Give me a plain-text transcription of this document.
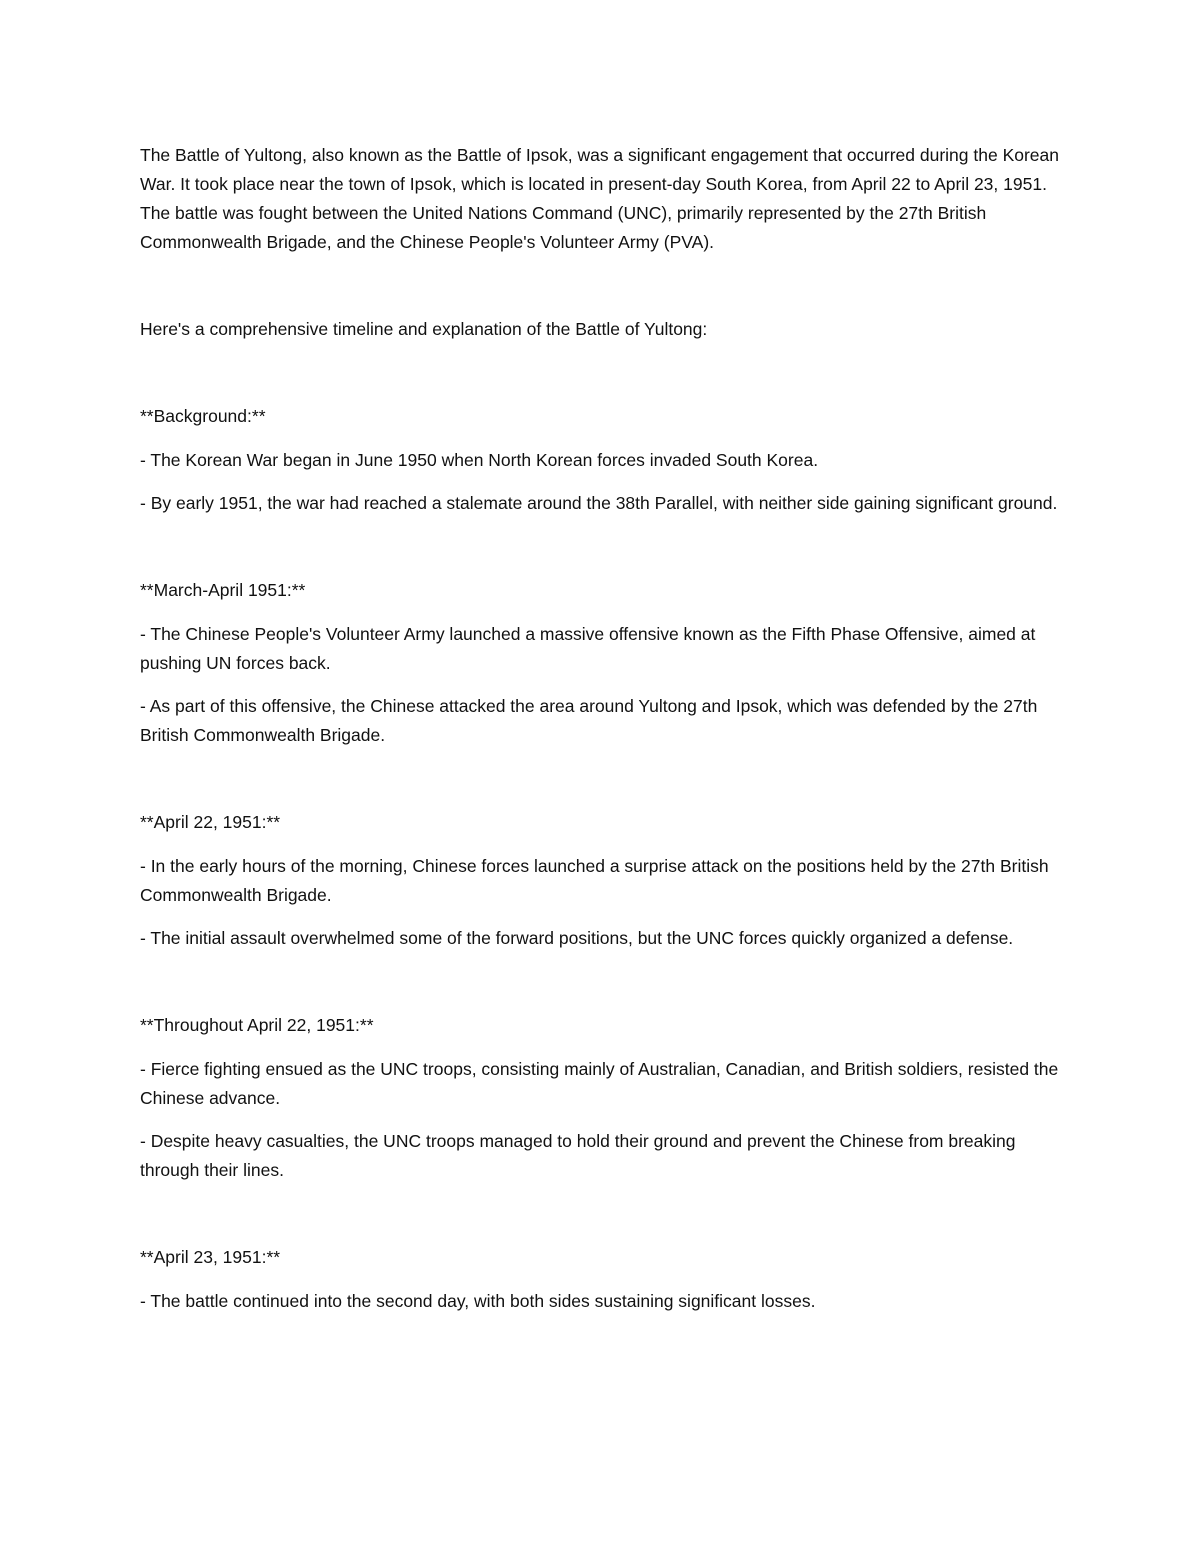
The Battle of Yultong, also known as the Battle of Ipsok, was a significant engagement that occurred during the Korean War. It took place near the town of Ipsok, which is located in present-day South Korea, from April 22 to April 23, 1951. The battle was fought between the United Nations Command (UNC), primarily represented by the 27th British Commonwealth Brigade, and the Chinese People's Volunteer Army (PVA).

Here's a comprehensive timeline and explanation of the Battle of Yultong:

**Background:**

- The Korean War began in June 1950 when North Korean forces invaded South Korea.

- By early 1951, the war had reached a stalemate around the 38th Parallel, with neither side gaining significant ground.

**March-April 1951:**

- The Chinese People's Volunteer Army launched a massive offensive known as the Fifth Phase Offensive, aimed at pushing UN forces back.

- As part of this offensive, the Chinese attacked the area around Yultong and Ipsok, which was defended by the 27th British Commonwealth Brigade.

**April 22, 1951:**

- In the early hours of the morning, Chinese forces launched a surprise attack on the positions held by the 27th British Commonwealth Brigade.

- The initial assault overwhelmed some of the forward positions, but the UNC forces quickly organized a defense.

**Throughout April 22, 1951:**

- Fierce fighting ensued as the UNC troops, consisting mainly of Australian, Canadian, and British soldiers, resisted the Chinese advance.

- Despite heavy casualties, the UNC troops managed to hold their ground and prevent the Chinese from breaking through their lines.

**April 23, 1951:**

- The battle continued into the second day, with both sides sustaining significant losses.
